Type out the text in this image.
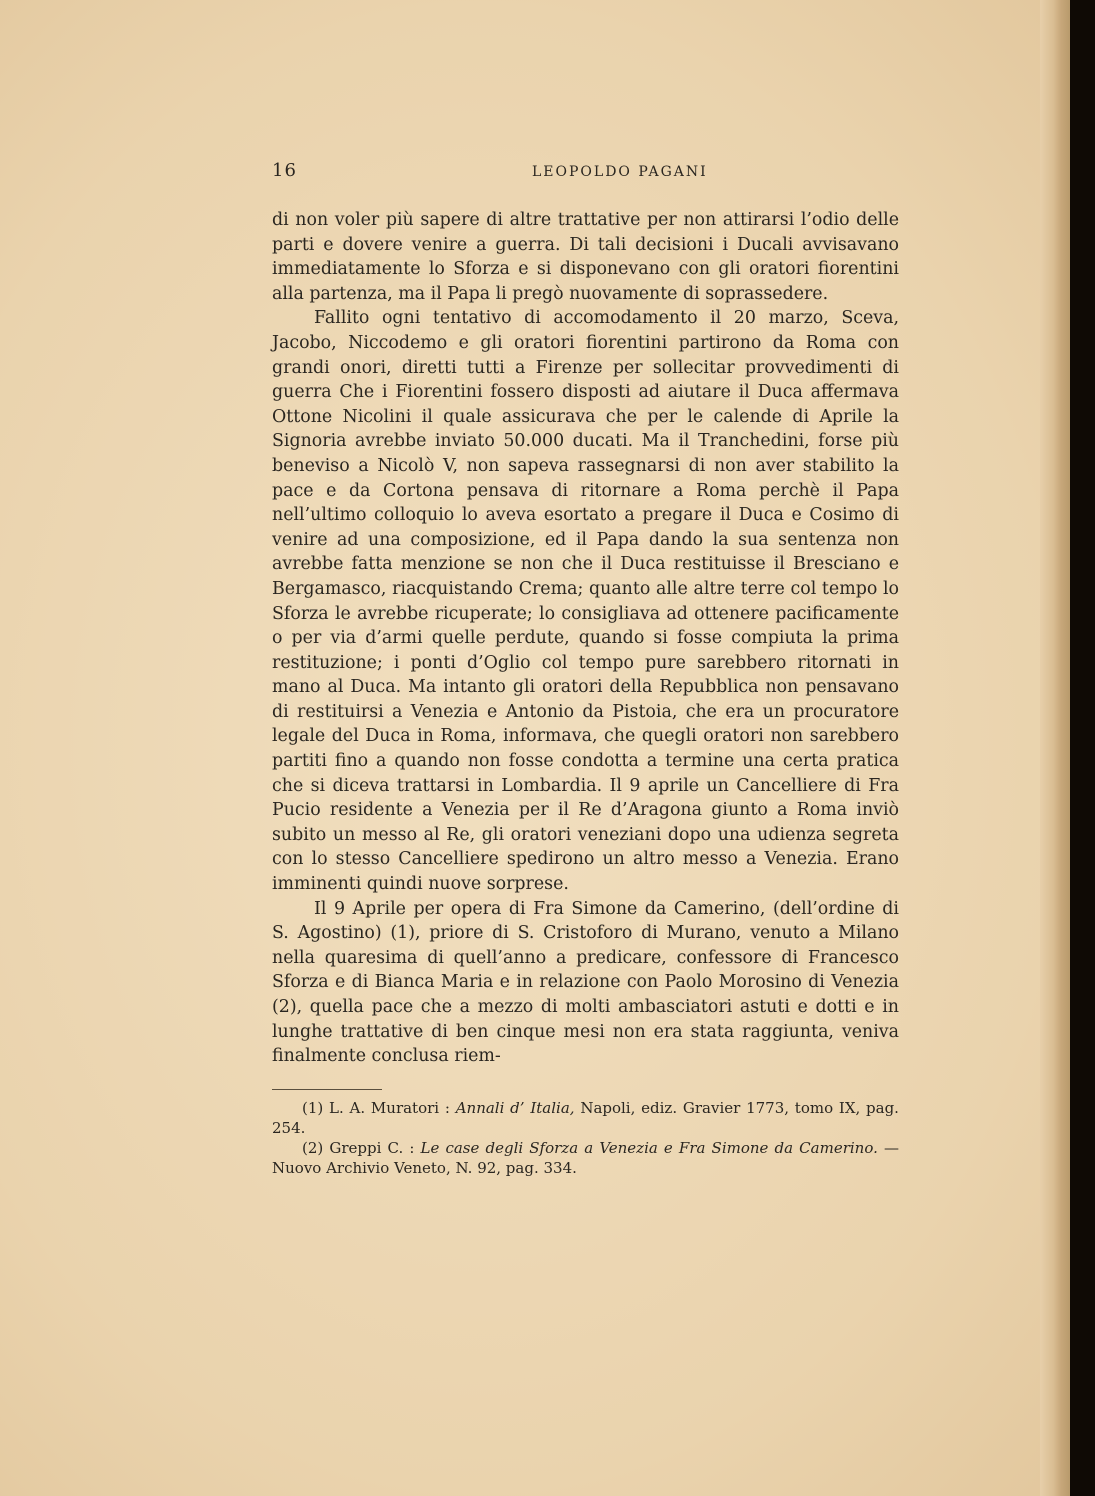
16	LEOPOLDO PAGANI

di non voler più sapere di altre trattative per non attirarsi l’odio delle parti e dovere venire a guerra. Di tali decisioni i Ducali avvisavano immediatamente lo Sforza e si disponevano con gli oratori fiorentini alla partenza, ma il Papa li pregò nuovamente di soprassedere.

Fallito ogni tentativo di accomodamento il 20 marzo, Sceva, Jacobo, Niccodemo e gli oratori fiorentini partirono da Roma con grandi onori, diretti tutti a Firenze per sollecitar provvedimenti di guerra Che i Fiorentini fossero disposti ad aiutare il Duca affermava Ottone Nicolini il quale assicurava che per le calende di Aprile la Signoria avrebbe inviato 50.000 ducati. Ma il Tranchedini, forse più beneviso a Nicolò V, non sapeva rassegnarsi di non aver stabilito la pace e da Cortona pensava di ritornare a Roma perchè il Papa nell’ultimo colloquio lo aveva esortato a pregare il Duca e Cosimo di venire ad una composizione, ed il Papa dando la sua sentenza non avrebbe fatta menzione se non che il Duca restituisse il Bresciano e Bergamasco, riacquistando Crema; quanto alle altre terre col tempo lo Sforza le avrebbe ricuperate; lo consigliava ad ottenere pacificamente o per via d’armi quelle perdute, quando si fosse compiuta la prima restituzione; i ponti d’Oglio col tempo pure sarebbero ritornati in mano al Duca. Ma intanto gli oratori della Repubblica non pensavano di restituirsi a Venezia e Antonio da Pistoia, che era un procuratore legale del Duca in Roma, informava, che quegli oratori non sarebbero partiti fino a quando non fosse condotta a termine una certa pratica che si diceva trattarsi in Lombardia. Il 9 aprile un Cancelliere di Fra Pucio residente a Venezia per il Re d’Aragona giunto a Roma inviò subito un messo al Re, gli oratori veneziani dopo una udienza segreta con lo stesso Cancelliere spedirono un altro messo a Venezia. Erano imminenti quindi nuove sorprese.

Il 9 Aprile per opera di Fra Simone da Camerino, (dell’ordine di S. Agostino) (1), priore di S. Cristoforo di Murano, venuto a Milano nella quaresima di quell’anno a predicare, confessore di Francesco Sforza e di Bianca Maria e in relazione con Paolo Morosino di Venezia (2), quella pace che a mezzo di molti ambasciatori astuti e dotti e in lunghe trattative di ben cinque mesi non era stata raggiunta, veniva finalmente conclusa riem-

(1) L. A. Muratori : Annali d’ Italia, Napoli, ediz. Gravier 1773, tomo IX, pag. 254.

(2) Greppi C. : Le case degli Sforza a Venezia e Fra Simone da Camerino. — Nuovo Archivio Veneto, N. 92, pag. 334.
